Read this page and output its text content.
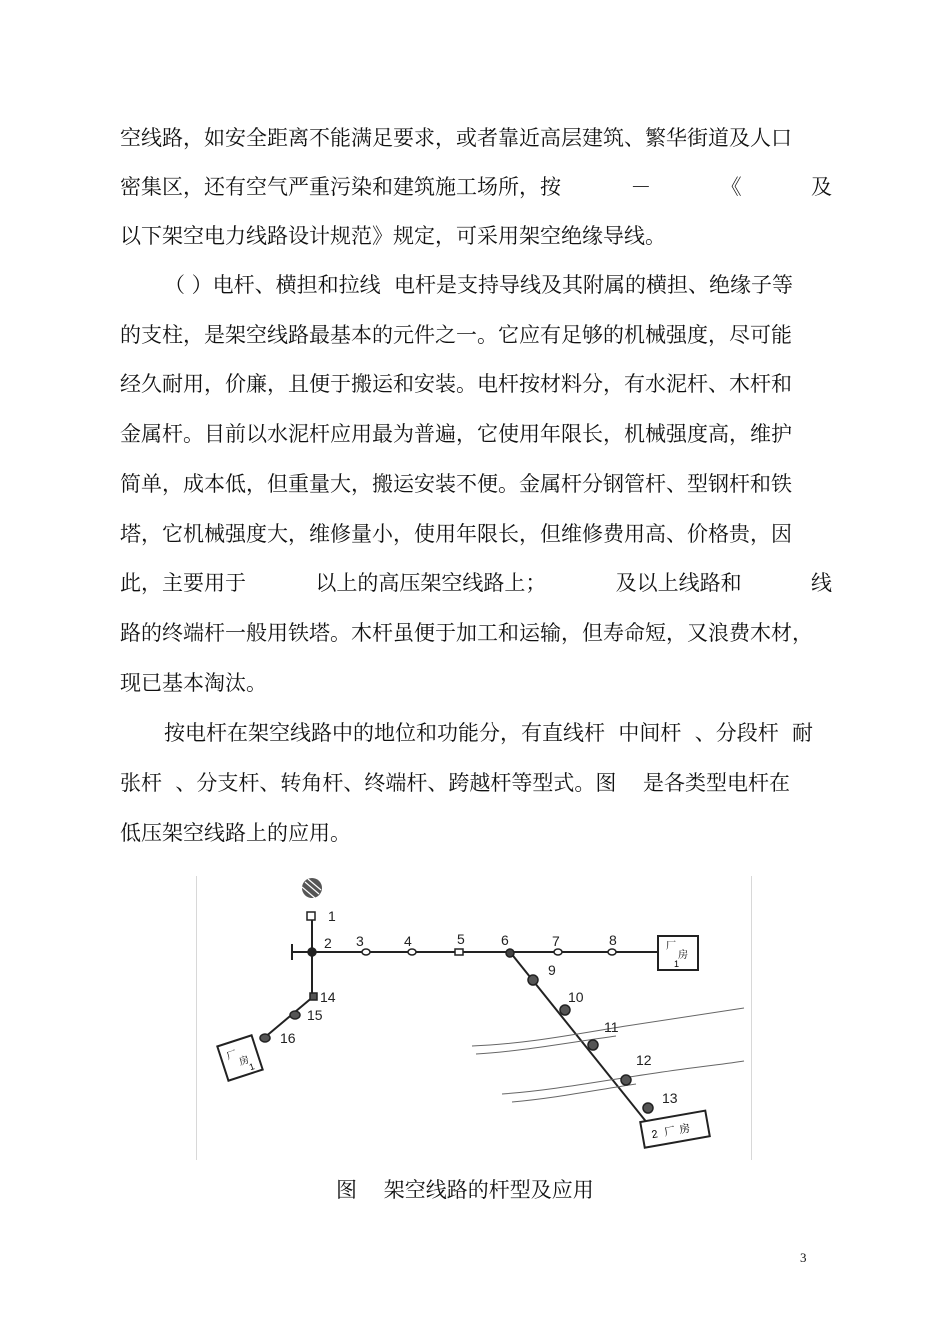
空线路，如安全距离不能满足要求，或者靠近高层建筑、繁华街道及人口
密集区，还有空气严重污染和建筑施工场所，按	－	《	及
以下架空电力线路设计规范》规定，可采用架空绝缘导线。
（ ）电杆、横担和拉线  电杆是支持导线及其附属的横担、绝缘子等
的支柱，是架空线路最基本的元件之一。它应有足够的机械强度，尽可能
经久耐用，价廉，且便于搬运和安装。电杆按材料分，有水泥杆、木杆和
金属杆。目前以水泥杆应用最为普遍，它使用年限长，机械强度高，维护
简单，成本低，但重量大，搬运安装不便。金属杆分钢管杆、型钢杆和铁
塔，它机械强度大，维修量小，使用年限长，但维修费用高、价格贵，因
此，主要用于	以上的高压架空线路上；	及以上线路和	线
路的终端杆一般用铁塔。木杆虽便于加工和运输，但寿命短，又浪费木材，
现已基本淘汰。
按电杆在架空线路中的地位和功能分，有直线杆  中间杆  、分段杆  耐
张杆  、分支杆、转角杆、终端杆、跨越杆等型式。图    是各类型电杆在
低压架空线路上的应用。
1
2 3	4	5	6	7	8
9
10
11
12
13
14
15
16
厂
房
1
2 厂 房
厂 房
1
图    架空线路的杆型及应用
3
